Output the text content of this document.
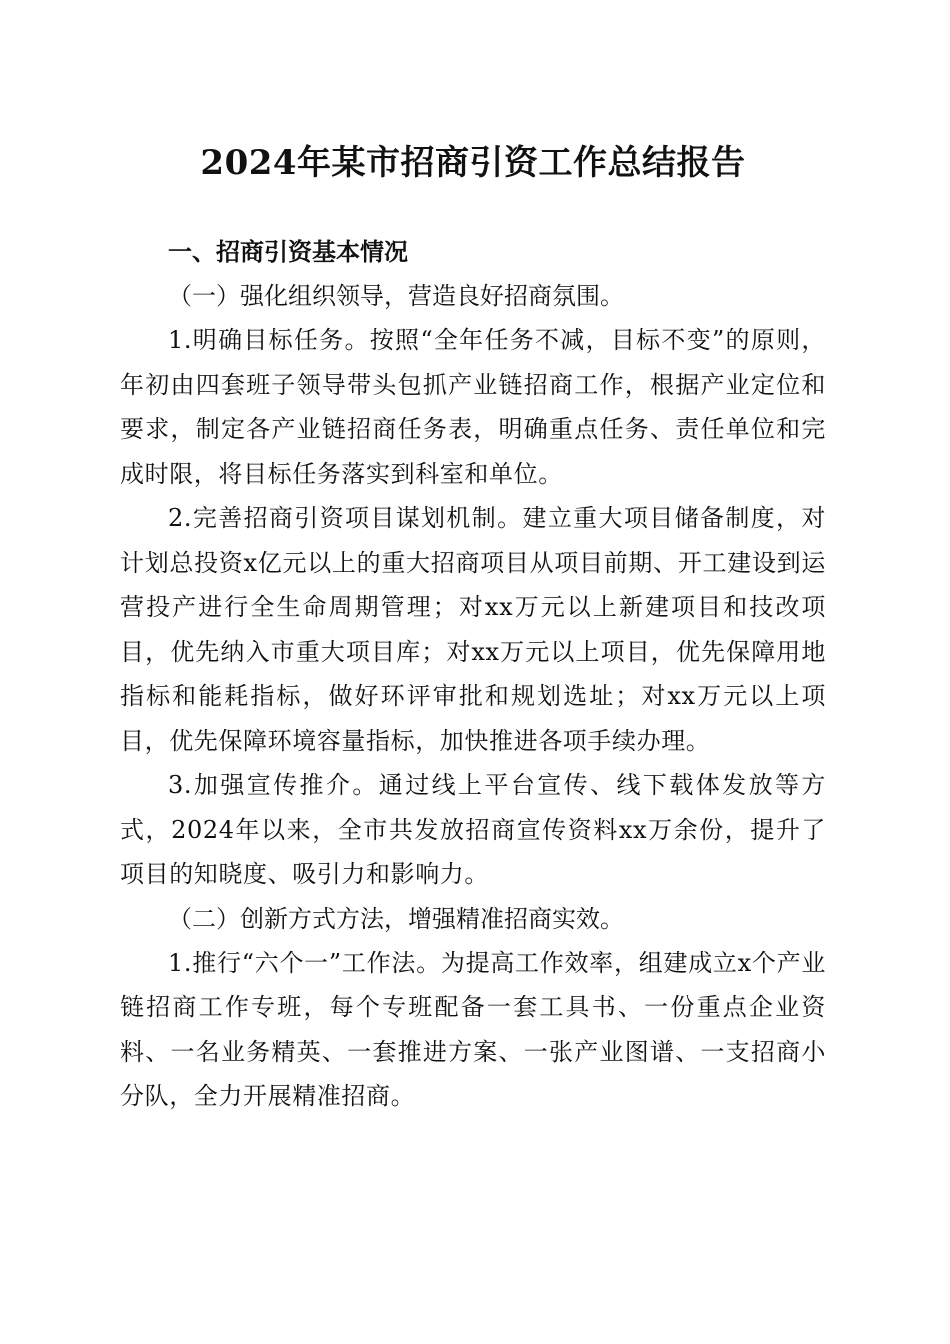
2024年某市招商引资工作总结报告
一、招商引资基本情况
（一）强化组织领导，营造良好招商氛围。

1.明确目标任务。按照“全年任务不减，目标不变”的原则，年初由四套班子领导带头包抓产业链招商工作，根据产业定位和要求，制定各产业链招商任务表，明确重点任务、责任单位和完成时限，将目标任务落实到科室和单位。

2.完善招商引资项目谋划机制。建立重大项目储备制度，对计划总投资x亿元以上的重大招商项目从项目前期、开工建设到运营投产进行全生命周期管理；对xx万元以上新建项目和技改项目，优先纳入市重大项目库；对xx万元以上项目，优先保障用地指标和能耗指标，做好环评审批和规划选址；对xx万元以上项目，优先保障环境容量指标，加快推进各项手续办理。

3.加强宣传推介。通过线上平台宣传、线下载体发放等方式，2024年以来，全市共发放招商宣传资料xx万余份，提升了项目的知晓度、吸引力和影响力。

（二）创新方式方法，增强精准招商实效。

1.推行“六个一”工作法。为提高工作效率，组建成立x个产业链招商工作专班，每个专班配备一套工具书、一份重点企业资料、一名业务精英、一套推进方案、一张产业图谱、一支招商小分队，全力开展精准招商。
